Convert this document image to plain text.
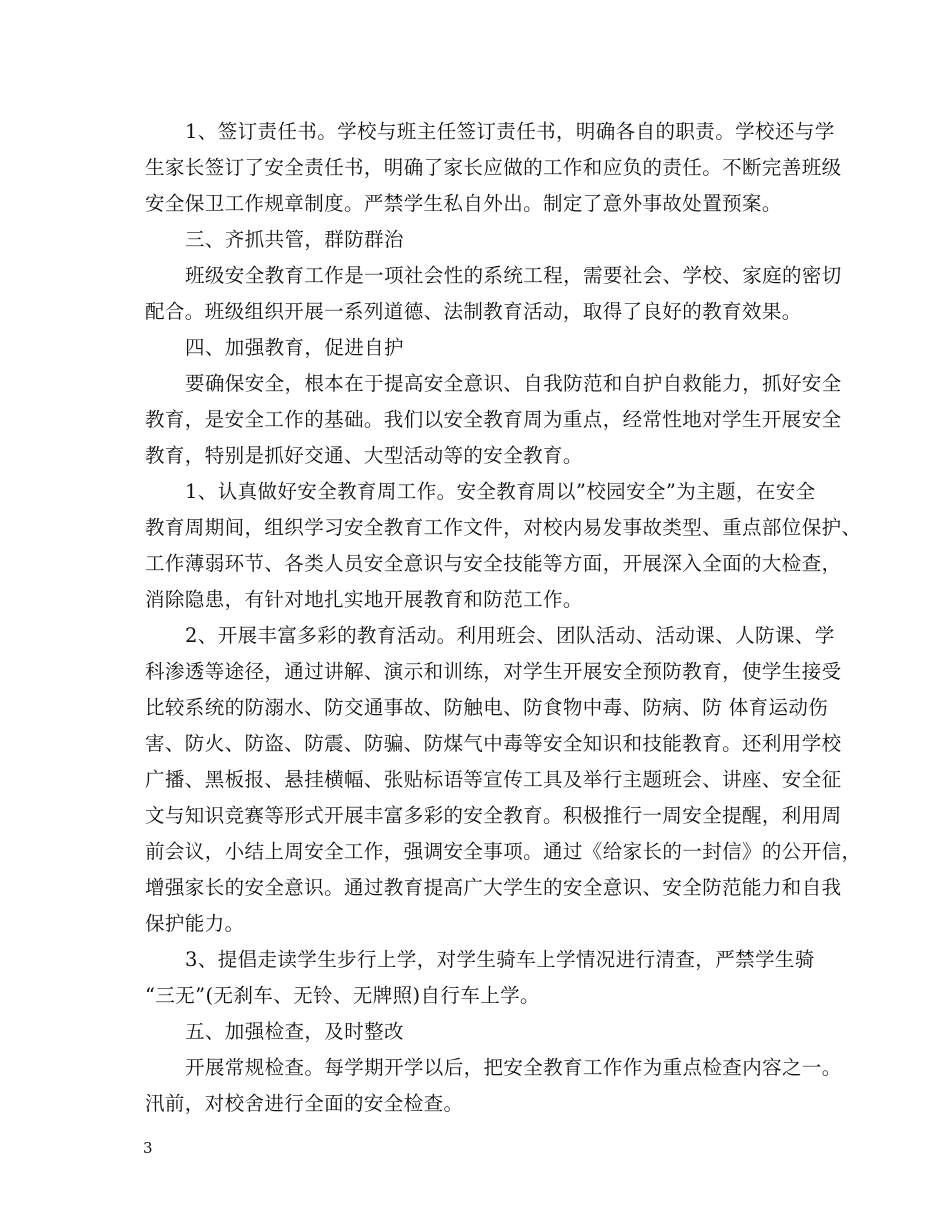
1、签订责任书。学校与班主任签订责任书，明确各自的职责。学校还与学
生家长签订了安全责任书，明确了家长应做的工作和应负的责任。不断完善班级
安全保卫工作规章制度。严禁学生私自外出。制定了意外事故处置预案。
三、齐抓共管，群防群治
班级安全教育工作是一项社会性的系统工程，需要社会、学校、家庭的密切
配合。班级组织开展一系列道德、法制教育活动，取得了良好的教育效果。
四、加强教育，促进自护
要确保安全，根本在于提高安全意识、自我防范和自护自救能力，抓好安全
教育，是安全工作的基础。我们以安全教育周为重点，经常性地对学生开展安全
教育，特别是抓好交通、大型活动等的安全教育。
1、认真做好安全教育周工作。安全教育周以”校园安全”为主题，在安全
教育周期间，组织学习安全教育工作文件，对校内易发事故类型、重点部位保护、
工作薄弱环节、各类人员安全意识与安全技能等方面，开展深入全面的大检查，
消除隐患，有针对地扎实地开展教育和防范工作。
2、开展丰富多彩的教育活动。利用班会、团队活动、活动课、人防课、学
科渗透等途径，通过讲解、演示和训练，对学生开展安全预防教育，使学生接受
比较系统的防溺水、防交通事故、防触电、防食物中毒、防病、防 体育运动伤
害、防火、防盗、防震、防骗、防煤气中毒等安全知识和技能教育。还利用学校
广播、黑板报、悬挂横幅、张贴标语等宣传工具及举行主题班会、讲座、安全征
文与知识竞赛等形式开展丰富多彩的安全教育。积极推行一周安全提醒，利用周
前会议，小结上周安全工作，强调安全事项。通过《给家长的一封信》的公开信，
增强家长的安全意识。通过教育提高广大学生的安全意识、安全防范能力和自我
保护能力。
3、提倡走读学生步行上学，对学生骑车上学情况进行清查，严禁学生骑
“三无”(无刹车、无铃、无牌照)自行车上学。
五、加强检查，及时整改
开展常规检查。每学期开学以后，把安全教育工作作为重点检查内容之一。
汛前，对校舍进行全面的安全检查。
3
